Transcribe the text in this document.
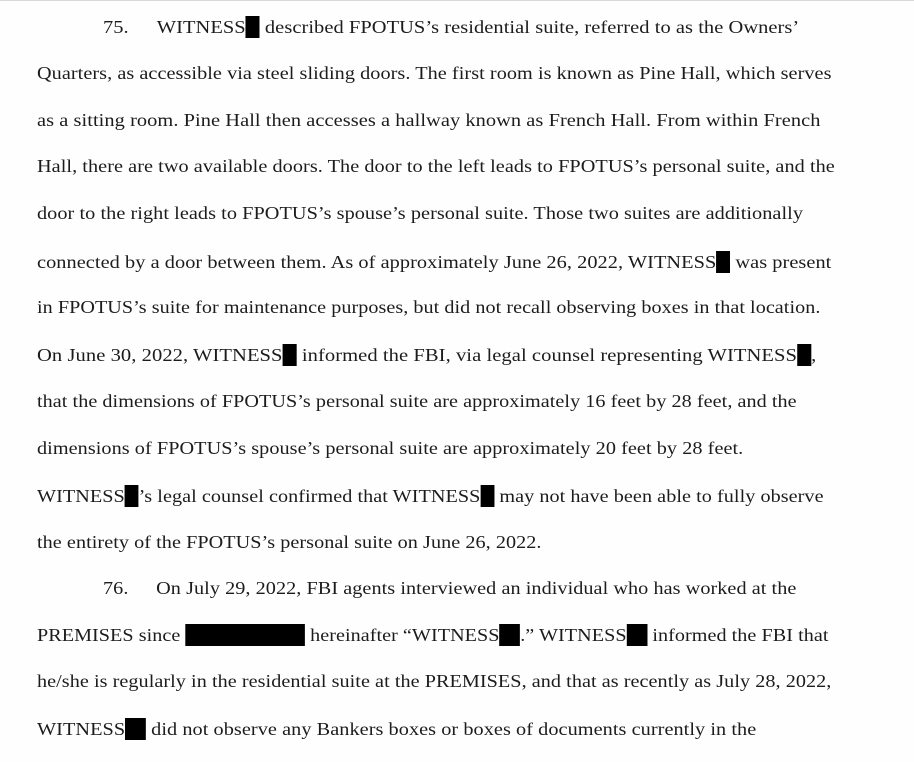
75. WITNESS described FPOTUS’s residential suite, referred to as the Owners’
Quarters, as accessible via steel sliding doors. The first room is known as Pine Hall, which serves
as a sitting room. Pine Hall then accesses a hallway known as French Hall. From within French
Hall, there are two available doors. The door to the left leads to FPOTUS’s personal suite, and the
door to the right leads to FPOTUS’s spouse’s personal suite. Those two suites are additionally
connected by a door between them. As of approximately June 26, 2022, WITNESS was present
in FPOTUS’s suite for maintenance purposes, but did not recall observing boxes in that location.
On June 30, 2022, WITNESS informed the FBI, via legal counsel representing WITNESS ,
that the dimensions of FPOTUS’s personal suite are approximately 16 feet by 28 feet, and the
dimensions of FPOTUS’s spouse’s personal suite are approximately 20 feet by 28 feet.
WITNESS ’s legal counsel confirmed that WITNESS may not have been able to fully observe
the entirety of the FPOTUS’s personal suite on June 26, 2022.
76. On July 29, 2022, FBI agents interviewed an individual who has worked at the
PREMISES since	hereinafter “WITNESS .” WITNESS informed the FBI that
he/she is regularly in the residential suite at the PREMISES, and that as recently as July 28, 2022,
WITNESS did not observe any Bankers boxes or boxes of documents currently in the
